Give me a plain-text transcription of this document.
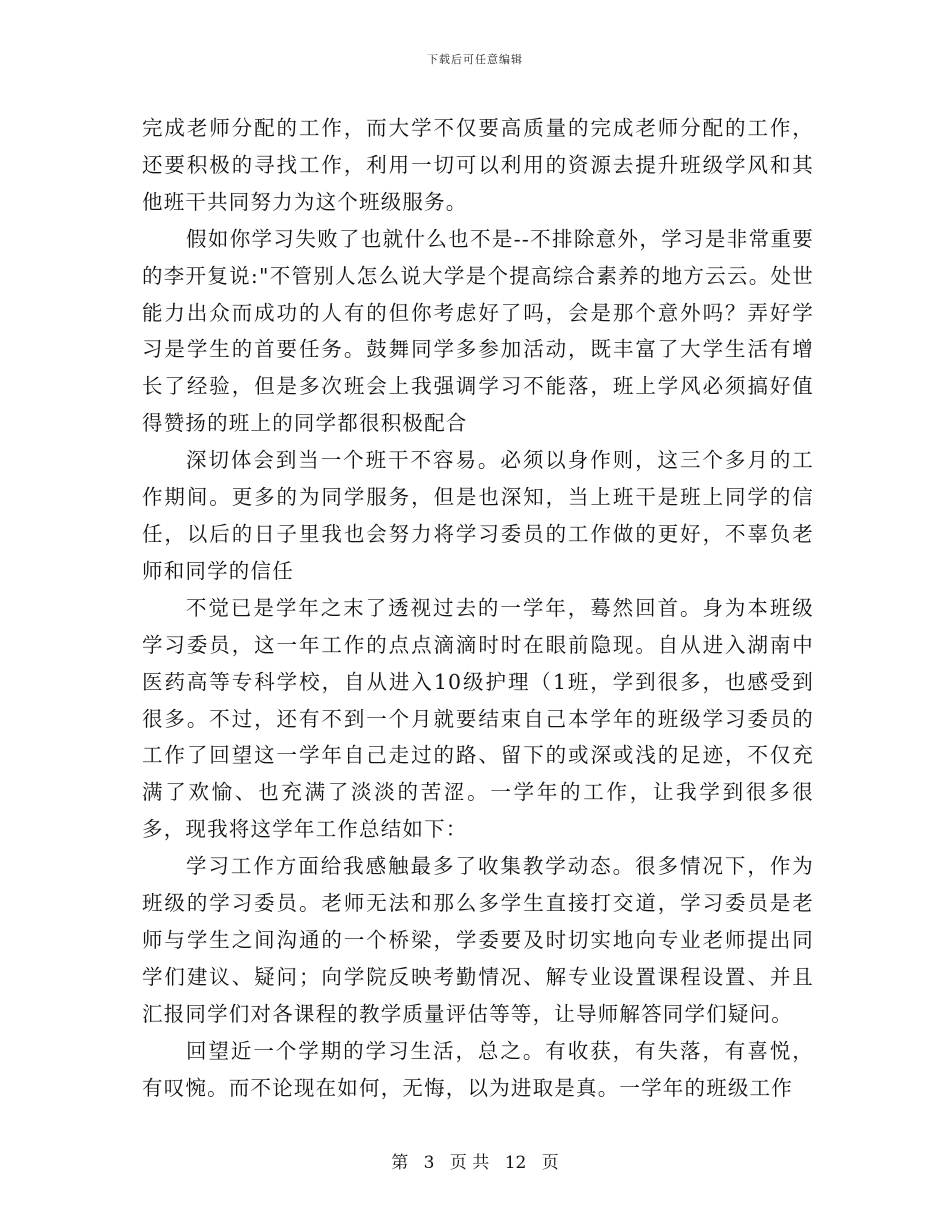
下载后可任意编辑

完成老师分配的工作，而大学不仅要高质量的完成老师分配的工作，还要积极的寻找工作，利用一切可以利用的资源去提升班级学风和其他班干共同努力为这个班级服务。

假如你学习失败了也就什么也不是--不排除意外，学习是非常重要的李开复说:"不管别人怎么说大学是个提高综合素养的地方云云。处世能力出众而成功的人有的但你考虑好了吗，会是那个意外吗？弄好学习是学生的首要任务。鼓舞同学多参加活动，既丰富了大学生活有增长了经验，但是多次班会上我强调学习不能落，班上学风必须搞好值得赞扬的班上的同学都很积极配合

深切体会到当一个班干不容易。必须以身作则，这三个多月的工作期间。更多的为同学服务，但是也深知，当上班干是班上同学的信任，以后的日子里我也会努力将学习委员的工作做的更好，不辜负老师和同学的信任

不觉已是学年之末了透视过去的一学年，蓦然回首。身为本班级学习委员，这一年工作的点点滴滴时时在眼前隐现。自从进入湖南中医药高等专科学校，自从进入10级护理（1班，学到很多，也感受到很多。不过，还有不到一个月就要结束自己本学年的班级学习委员的工作了回望这一学年自己走过的路、留下的或深或浅的足迹，不仅充满了欢愉、也充满了淡淡的苦涩。一学年的工作，让我学到很多很多，现我将这学年工作总结如下：

学习工作方面给我感触最多了收集教学动态。很多情况下，作为班级的学习委员。老师无法和那么多学生直接打交道，学习委员是老师与学生之间沟通的一个桥梁，学委要及时切实地向专业老师提出同学们建议、疑问；向学院反映考勤情况、解专业设置课程设置、并且汇报同学们对各课程的教学质量评估等等，让导师解答同学们疑问。

回望近一个学期的学习生活，总之。有收获，有失落，有喜悦，有叹惋。而不论现在如何，无悔，以为进取是真。一学年的班级工作

第 3 页 共 12 页
